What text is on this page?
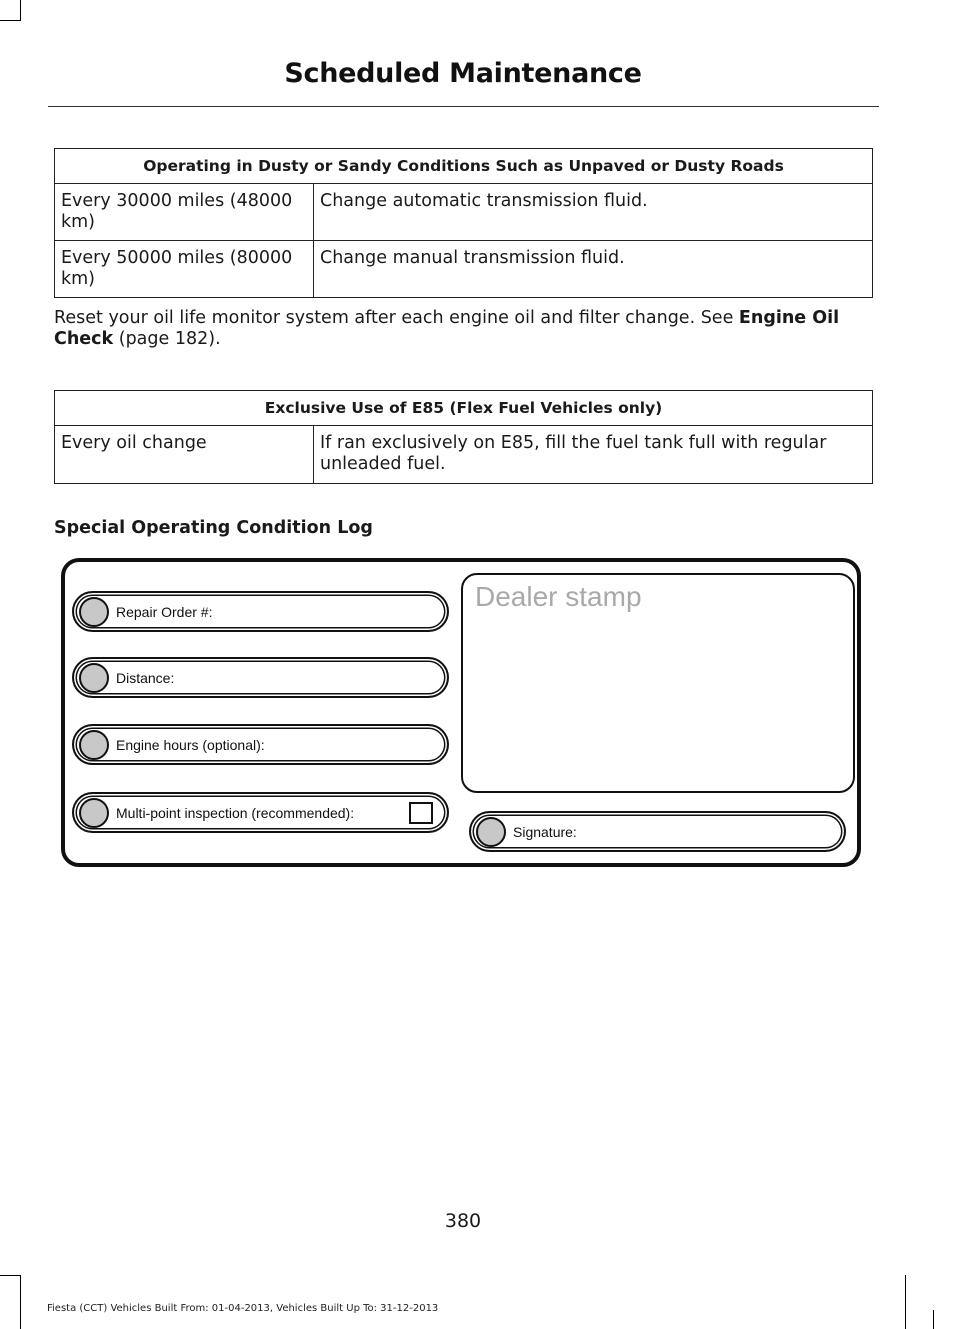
Scheduled Maintenance
Operating in Dusty or Sandy Conditions Such as Unpaved or Dusty Roads	
Every 30000 miles (48000 km)	Change automatic transmission fluid.
Every 50000 miles (80000 km)	Change manual transmission fluid.
Reset your oil life monitor system after each engine oil and filter change. See Engine Oil Check (page 182).
Exclusive Use of E85 (Flex Fuel Vehicles only)
Every oil change	If ran exclusively on E85, fill the fuel tank full with regular unleaded fuel.
Special Operating Condition Log
Repair Order #:
Distance:
Engine hours (optional):
Multi-point inspection (recommended):
Dealer stamp
Signature:
380
Fiesta (CCT) Vehicles Built From: 01-04-2013, Vehicles Built Up To: 31-12-2013
